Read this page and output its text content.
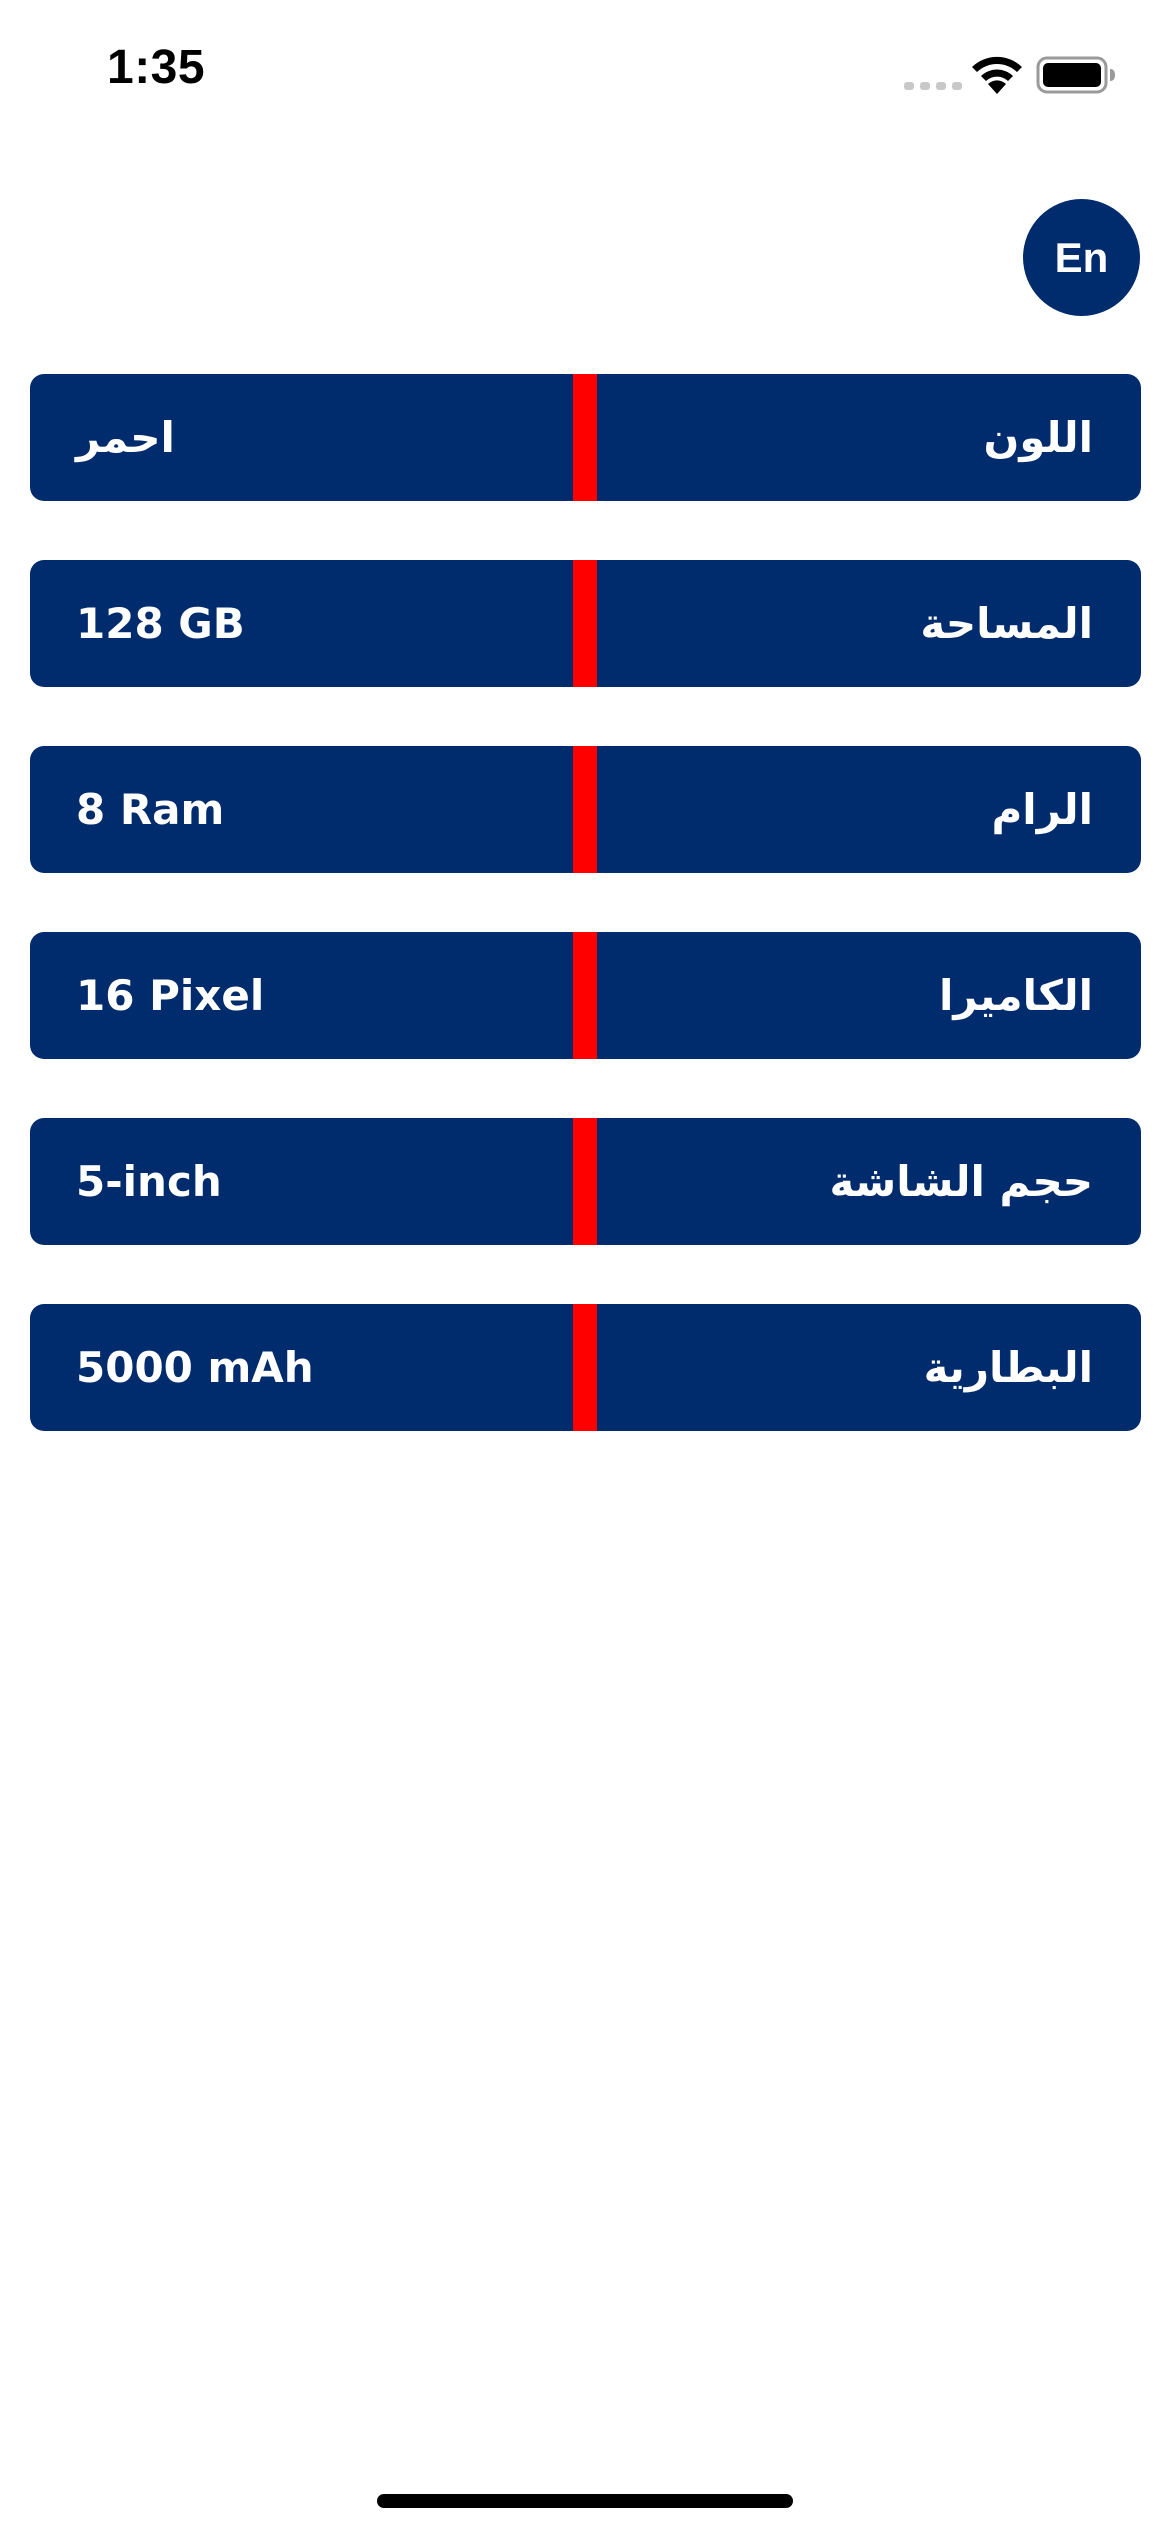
1:35
En
احمر	اللون
128 GB	المساحة
8 Ram	الرام
16 Pixel	الكاميرا
5-inch	حجم الشاشة
5000 mAh	البطارية
